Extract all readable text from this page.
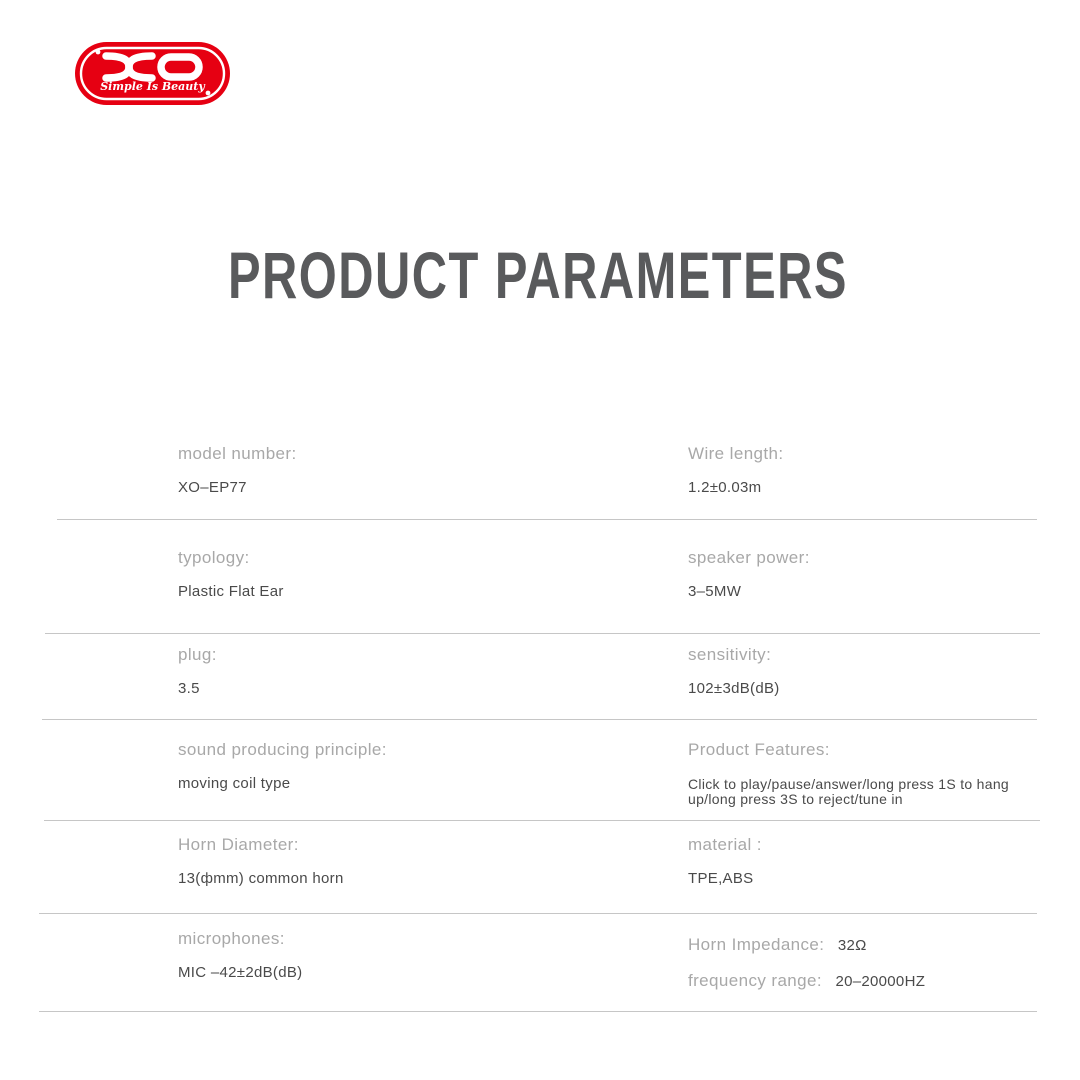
Simple Is Beauty
PRODUCT PARAMETERS
model number:
XO–EP77
Wire length:
1.2±0.03m
typology:
Plastic Flat Ear
speaker power:
3–5MW
plug:
3.5
sensitivity:
102±3dB(dB)
sound producing principle:
moving coil type
Product Features:
Click to play/pause/answer/long press 1S to hang up/long press 3S to reject/tune in
Horn Diameter:
13(фmm) common horn
material :
TPE,ABS
microphones:
MIC –42±2dB(dB)
Horn Impedance: 32Ω
frequency range: 20–20000HZ
